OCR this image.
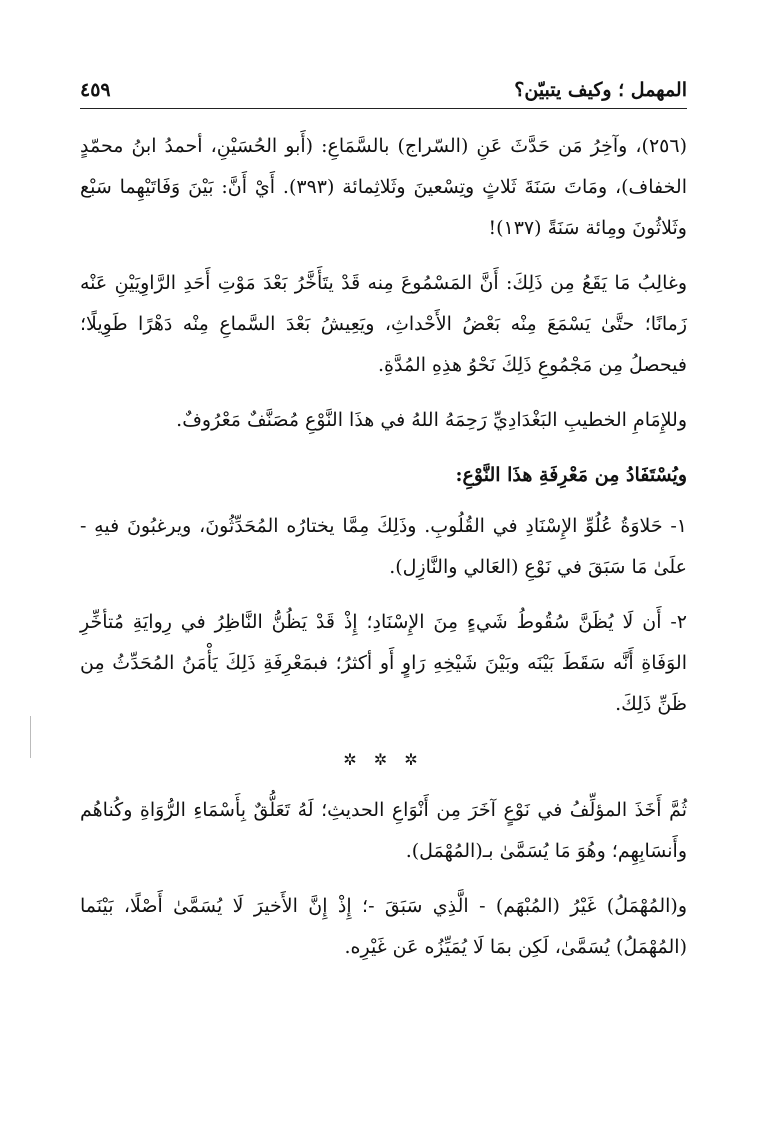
٤٥٩	المهمل ؛ وكيف يتبيّن؟

(٢٥٦)، وآخِرُ مَن حَدَّثَ عَنِ (السّراج) بالسَّمَاعِ: (أَبو الحُسَيْنِ، أحمدُ ابنُ محمّدٍ الخفاف)، ومَاتَ سَنَةَ ثَلاثٍ وتِسْعينَ وثَلاثِمائة (٣٩٣). أَيْ أَنَّ: بَيْنَ وَفَاتَيْهِما سَبْع وثَلاثُونَ ومِائة سَنَةً (١٣٧)!

وغالِبُ مَا يَقَعُ مِن ذَلِكَ: أَنَّ المَسْمُوعَ مِنه قَدْ يتَأَخَّرُ بَعْدَ مَوْتِ أَحَدِ الرَّاوِيَيْنِ عَنْه زَمانًا؛ حتَّىٰ يَسْمَعَ مِنْه بَعْضُ الأَحْداثِ، ويَعِيشُ بَعْدَ السَّماعِ مِنْه دَهْرًا طَوِيلًا؛ فيحصلُ مِن مَجْمُوعِ ذَلِكَ نَحْوُ هذِهِ المُدَّةِ.

وللإِمَامِ الخطيبِ البَغْدَادِيِّ رَحِمَهُ اللهُ في هذَا النَّوْعِ مُصَنَّفٌ مَعْرُوفٌ.

ويُسْتَفَادُ مِن مَعْرِفَةِ هذَا النَّوْعِ:

١- حَلاوَةُ عُلُوِّ الإِسْنَادِ في القُلُوبِ. وذَلِكَ مِمَّا يختارُه المُحَدِّثُونَ، ويرغبُونَ فيهِ - علَىٰ مَا سَبَقَ في نَوْعِ (العَالي والنَّازِل).

٢- أَن لَا يُظَنَّ سُقُوطُ شَيءٍ مِنَ الإِسْنَادِ؛ إِذْ قَدْ يَظُنُّ النَّاظِرُ في رِوايَةِ مُتأخِّرِ الوَفَاةِ أَنَّه سَقَطَ بَيْنَه وبَيْنَ شَيْخِهِ رَاوٍ أَو أكثرُ؛ فبمَعْرِفَةِ ذَلِكَ يَأْمَنُ المُحَدِّثُ مِن ظَنِّ ذَلِكَ.

✲ ✲ ✲

ثُمَّ أَخَذَ المؤلِّفُ في نَوْعٍ آخَرَ مِن أَنْوَاعِ الحديثِ؛ لَهُ تَعَلُّقٌ بِأَسْمَاءِ الرُّوَاةِ وكُناهُم وأَنسَابِهِم؛ وهُوَ مَا يُسَمَّىٰ بـ(المُهْمَل).

و(المُهْمَلُ) غَيْرُ (المُبْهَم) - الَّذِي سَبَقَ -؛ إِذْ إِنَّ الأَخيرَ لَا يُسَمَّىٰ أَصْلًا، بَيْنَما (المُهْمَلُ) يُسَمَّىٰ، لَكِن بمَا لَا يُمَيِّزُه عَن غَيْرِه.
